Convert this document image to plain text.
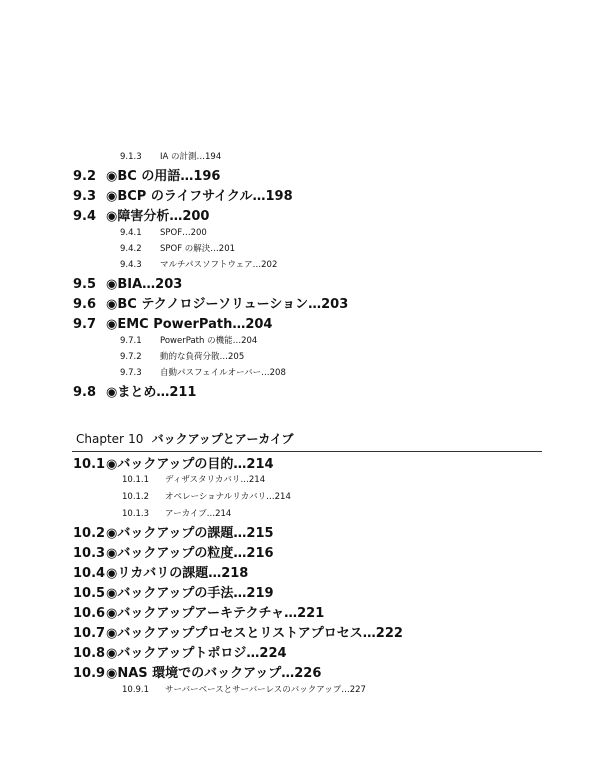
9.1.3 IA の計測…194
9.2 ◉BC の用語…196
9.3 ◉BCP のライフサイクル…198
9.4 ◉障害分析…200
9.4.1 SPOF…200
9.4.2 SPOF の解決…201
9.4.3 マルチパスソフトウェア…202
9.5 ◉BIA…203
9.6 ◉BC テクノロジーソリューション…203
9.7 ◉EMC PowerPath…204
9.7.1 PowerPath の機能…204
9.7.2 動的な負荷分散…205
9.7.3 自動パスフェイルオーバー…208
9.8 ◉まとめ…211
Chapter 10 バックアップとアーカイブ
10.1 ◉バックアップの目的…214
10.1.1 ディザスタリカバリ…214
10.1.2 オペレーショナルリカバリ…214
10.1.3 アーカイブ…214
10.2 ◉バックアップの課題…215
10.3 ◉バックアップの粒度…216
10.4 ◉リカバリの課題…218
10.5 ◉バックアップの手法…219
10.6 ◉バックアップアーキテクチャ…221
10.7 ◉バックアッププロセスとリストアプロセス…222
10.8 ◉バックアップトポロジ…224
10.9 ◉NAS 環境でのバックアップ…226
10.9.1 サーバーベースとサーバーレスのバックアップ…227
